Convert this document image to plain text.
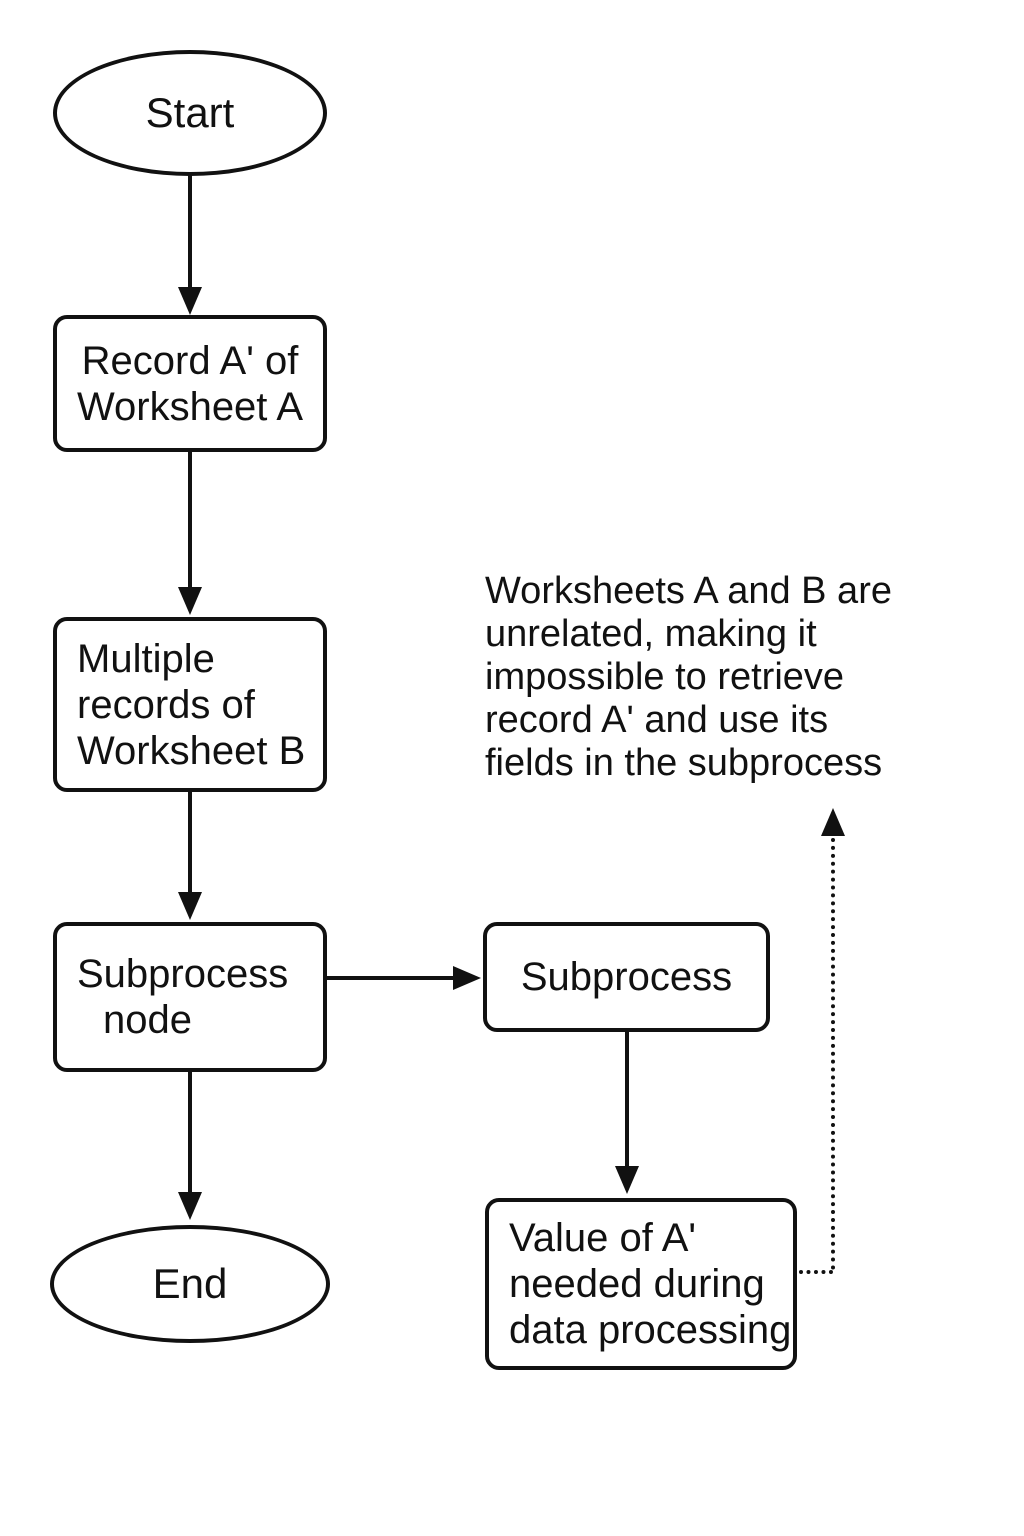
Start
Record A' of
Worksheet A
Multiple
records of
Worksheet B
Subprocess
node
Subprocess
Value of A'
needed during
data processing
End
Worksheets A and B are
unrelated, making it
impossible to retrieve
record A' and use its
fields in the subprocess
